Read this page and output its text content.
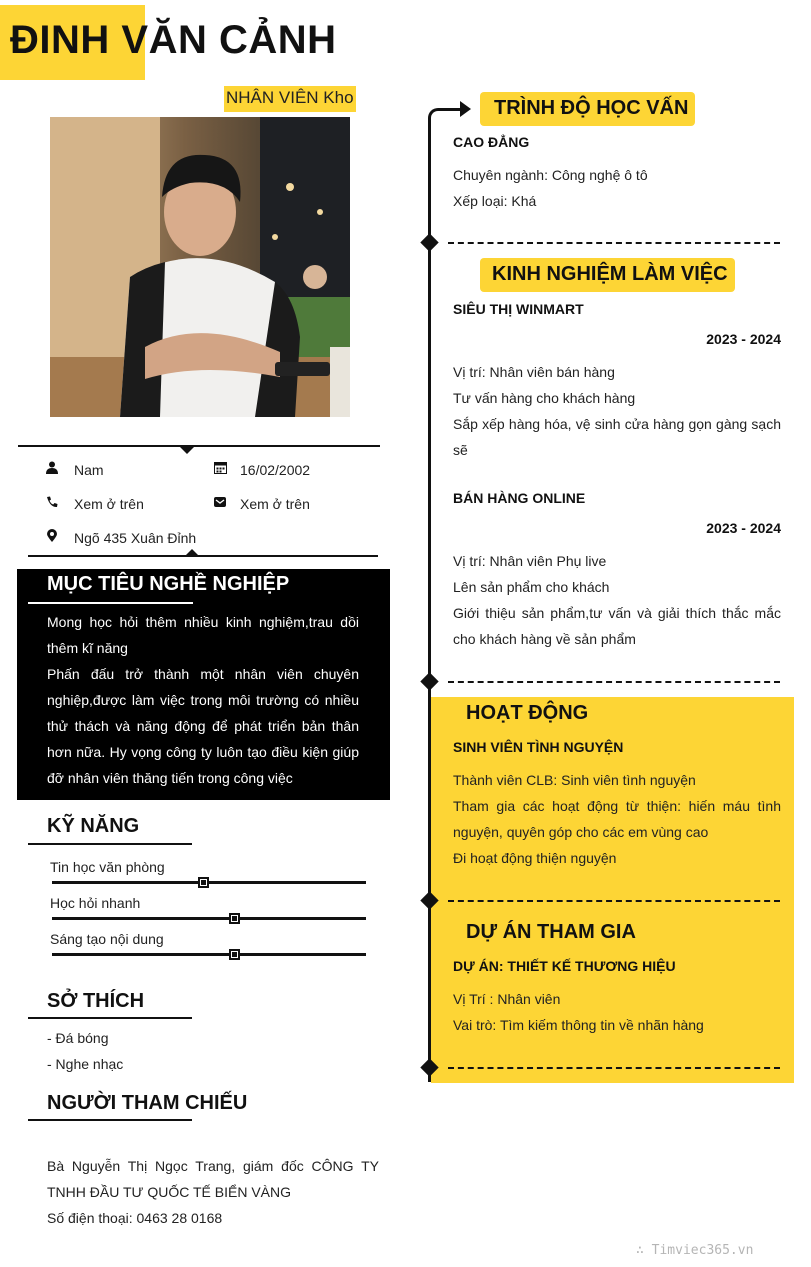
ĐINH VĂN CẢNH
NHÂN VIÊN Kho
Nam	16/02/2002
Xem ở trên	Xem ở trên
Ngõ 435 Xuân Đỉnh
MỤC TIÊU NGHỀ NGHIỆP
Mong học hỏi thêm nhiều kinh nghiệm,trau dồi thêm kĩ năng
Phấn đấu trở thành một nhân viên chuyên nghiệp,được làm việc trong môi trường có nhiều thử thách và năng động để phát triển bản thân hơn nữa. Hy vọng công ty luôn tạo điều kiện giúp đỡ nhân viên thăng tiến trong công việc
KỸ NĂNG
Tin học văn phòng
Học hỏi nhanh
Sáng tạo nội dung
SỞ THÍCH
- Đá bóng
- Nghe nhạc
NGƯỜI THAM CHIẾU
Bà Nguyễn Thị Ngọc Trang, giám đốc CÔNG TY TNHH ĐẦU TƯ QUỐC TẾ BIỂN VÀNG
Số điện thoại: 0463 28 0168
TRÌNH ĐỘ HỌC VẤN
CAO ĐẲNG
Chuyên ngành: Công nghệ ô tô
Xếp loại: Khá
KINH NGHIỆM LÀM VIỆC
SIÊU THỊ WINMART
2023 - 2024
Vị trí: Nhân viên bán hàng
Tư vấn hàng cho khách hàng
Sắp xếp hàng hóa, vệ sinh cửa hàng gọn gàng sạch sẽ
BÁN HÀNG ONLINE
2023 - 2024
Vị trí: Nhân viên Phụ live
Lên sản phẩm cho khách
Giới thiệu sản phẩm,tư vấn và giải thích thắc mắc cho khách hàng về sản phẩm
HOẠT ĐỘNG
SINH VIÊN TÌNH NGUYỆN
Thành viên CLB: Sinh viên tình nguyện
Tham gia các hoạt động từ thiện: hiến máu tình nguyện, quyên góp cho các em vùng cao
Đi hoạt động thiện nguyện
DỰ ÁN THAM GIA
DỰ ÁN: THIẾT KẾ THƯƠNG HIỆU
Vị Trí : Nhân viên
Vai trò: Tìm kiếm thông tin về nhãn hàng
∴ Timviec365.vn
